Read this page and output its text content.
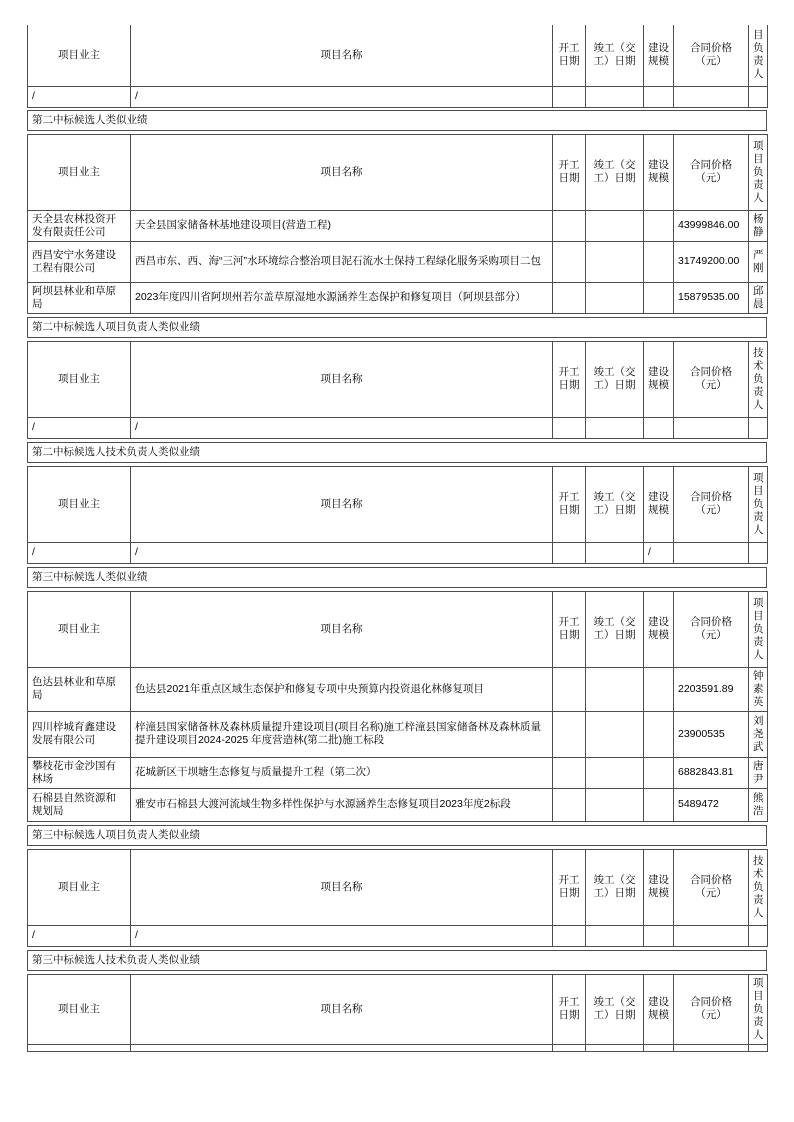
项目业主	项目名称	开工日期	竣工（交工）日期	建设规模	合同价格（元）	目负责人
/	/					
第二中标候选人类似业绩
项目业主	项目名称	开工日期	竣工（交工）日期	建设规模	合同价格（元）	项目负责人
天全县农林投资开发有限责任公司	天全县国家储备林基地建设项目(营造工程)				43999846.00	杨静
西昌安宁水务建设工程有限公司	西昌市东、西、海“三河”水环境综合整治项目泥石流水土保持工程绿化服务采购项目二包				31749200.00	严刚
阿坝县林业和草原局	2023年度四川省阿坝州若尔盖草原湿地水源涵养生态保护和修复项目（阿坝县部分）				15879535.00	邱晨
第二中标候选人项目负责人类似业绩
项目业主	项目名称	开工日期	竣工（交工）日期	建设规模	合同价格（元）	技术负责人
/	/					
第二中标候选人技术负责人类似业绩
项目业主	项目名称	开工日期	竣工（交工）日期	建设规模	合同价格（元）	项目负责人
/	/			/		
第三中标候选人类似业绩
项目业主	项目名称	开工日期	竣工（交工）日期	建设规模	合同价格（元）	项目负责人
色达县林业和草原局	色达县2021年重点区域生态保护和修复专项中央预算内投资退化林修复项目				2203591.89	钟素英
四川梓城育鑫建设发展有限公司	梓潼县国家储备林及森林质量提升建设项目(项目名称)施工梓潼县国家储备林及森林质量提升建设项目2024-2025 年度营造林(第二批)施工标段				23900535	刘尧武
攀枝花市金沙国有林场	花城新区干坝塘生态修复与质量提升工程（第二次）				6882843.81	唐尹
石棉县自然资源和规划局	雅安市石棉县大渡河流域生物多样性保护与水源涵养生态修复项目2023年度2标段				5489472	熊浩
第三中标候选人项目负责人类似业绩
项目业主	项目名称	开工日期	竣工（交工）日期	建设规模	合同价格（元）	技术负责人
/	/					
第三中标候选人技术负责人类似业绩
项目业主	项目名称	开工日期	竣工（交工）日期	建设规模	合同价格（元）	项目负责人
